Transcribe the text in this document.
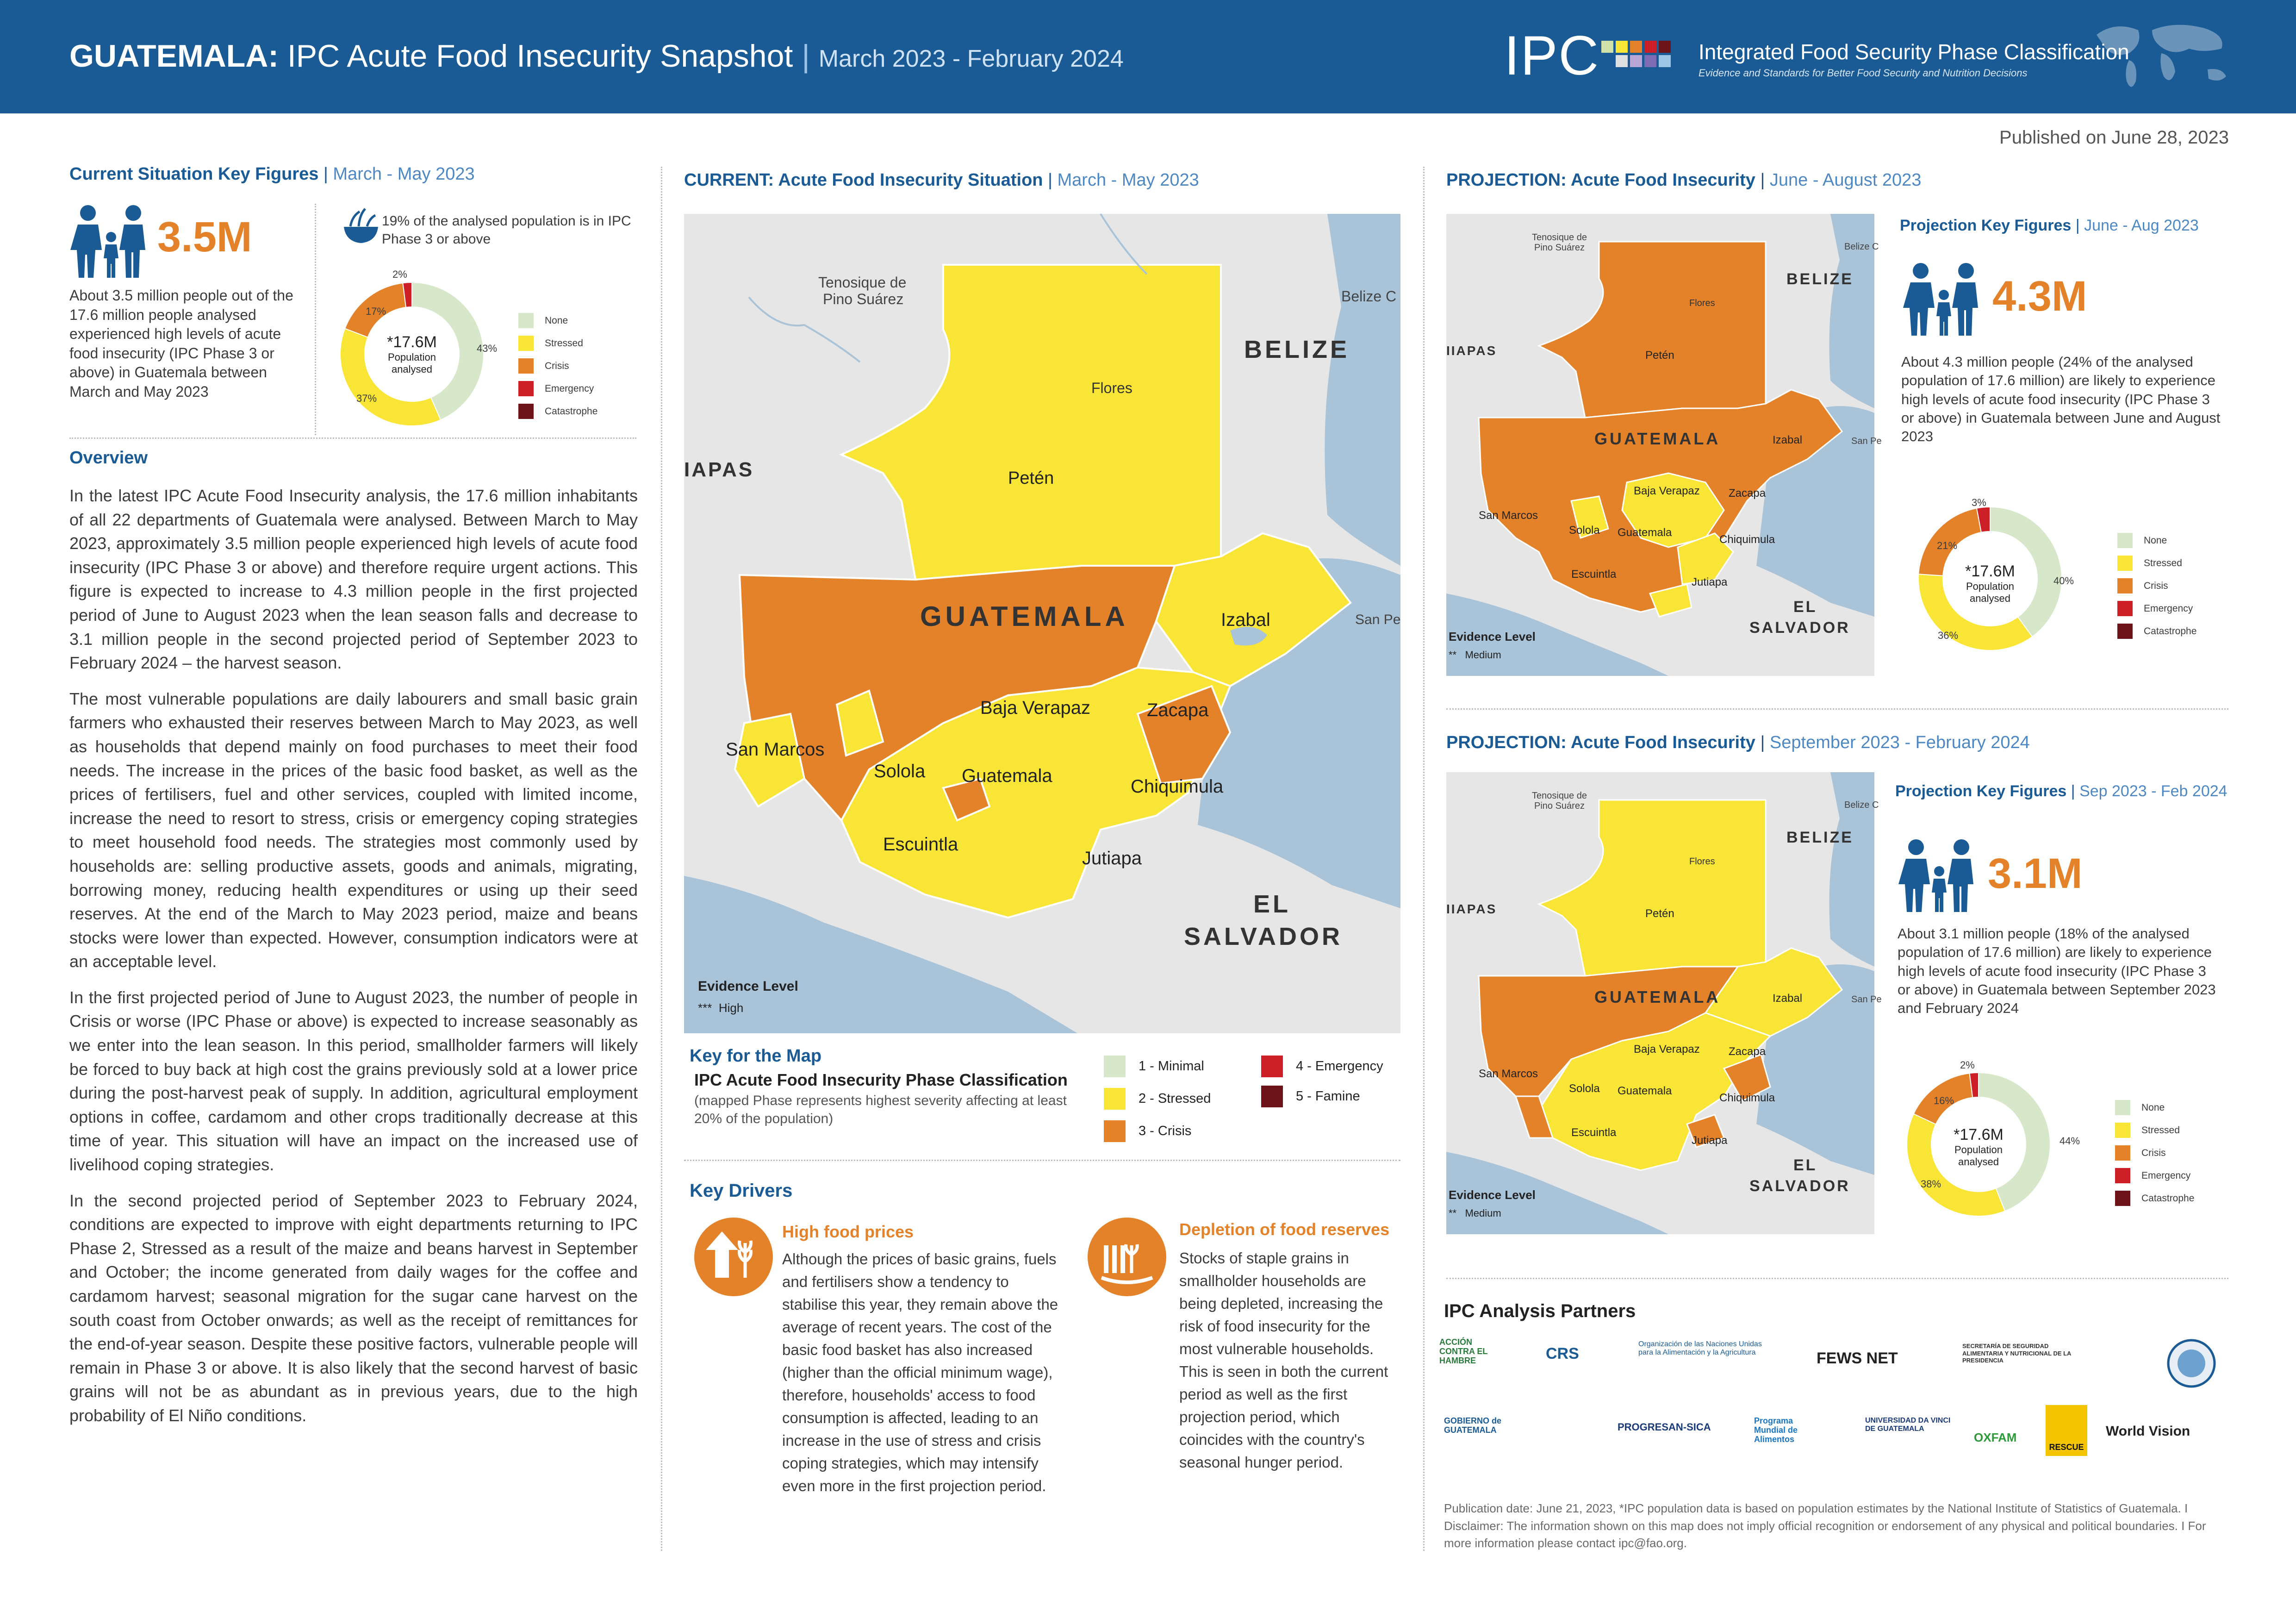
GUATEMALA: IPC Acute Food Insecurity Snapshot | March 2023 - February 2024	IPC	Integrated Food Security Phase Classification
Evidence and Standards for Better Food Security and Nutrition Decisions
Published on June 28, 2023
Current Situation Key Figures | March - May 2023
3.5M
About 3.5 million people out of the 17.6 million people analysed experienced high levels of acute food insecurity (IPC Phase 3 or above) in Guatemala between March and May 2023
19% of the analysed population is in IPC Phase 3 or above
43%
37%
17%
2%
*17.6M
Population
analysed
None
Stressed
Crisis
Emergency
Catastrophe
Overview

In the latest IPC Acute Food Insecurity analysis, the 17.6 million inhabitants of all 22 departments of Guatemala were analysed. Between March to May 2023, approximately 3.5 million people experienced high levels of acute food insecurity (IPC Phase 3 or above) and therefore require urgent actions. This figure is expected to increase to 4.3 million people in the first projected period of June to August 2023 when the lean season falls and decrease to 3.1 million people in the second projected period of September 2023 to February 2024 – the harvest season.

The most vulnerable populations are daily labourers and small basic grain farmers who exhausted their reserves between March to May 2023, as well as households that depend mainly on food purchases to meet their food needs. The increase in the prices of the basic food basket, as well as the prices of fertilisers, fuel and other services, coupled with limited income, increase the need to resort to stress, crisis or emergency coping strategies to meet household food needs. The strategies most commonly used by households are: selling productive assets, goods and animals, migrating, borrowing money, reducing health expenditures or using up their seed reserves. At the end of the March to May 2023 period, maize and beans stocks were lower than expected. However, consumption indicators were at an acceptable level.

In the first projected period of June to August 2023, the number of people in Crisis or worse (IPC Phase or above) is expected to increase seasonably as we enter into the lean season. In this period, smallholder farmers will likely be forced to buy back at high cost the grains previously sold at a lower price during the post-harvest peak of supply. In addition, agricultural employment options in coffee, cardamom and other crops traditionally decrease at this time of year. This situation will have an impact on the increased use of livelihood coping strategies.

In the second projected period of September 2023 to February 2024, conditions are expected to improve with eight departments returning to IPC Phase 2, Stressed as a result of the maize and beans harvest in September and October; the income generated from daily wages for the coffee and cardamom harvest; seasonal migration for the sugar cane harvest on the south coast from October onwards; as well as the receipt of remittances for the end-of-year season. Despite these positive factors, vulnerable people will remain in Phase 3 or above. It is also likely that the second harvest of basic grains will not be as abundant as in previous years, due to the high probability of El Niño conditions.

CURRENT: Acute Food Insecurity Situation | March - May 2023
Tenosique de
Pino Suárez	Belize C
BELIZE
Flores
IAPAS	Petén
GUATEMALA	Izabal	San Pe
Baja Verapaz	Zacapa
San Marcos
Solola Guatemala
Chiquimula
Escuintla
Jutiapa
EL
SALVADOR
Evidence Level
*** High
Key for the Map
IPC Acute Food Insecurity Phase Classification
(mapped Phase represents highest severity affecting at least 20% of the population)
1 - Minimal
2 - Stressed
3 - Crisis
4 - Emergency
5 - Famine
Key Drivers
High food prices
Although the prices of basic grains, fuels and fertilisers show a tendency to stabilise this year, they remain above the average of recent years. The cost of the basic food basket has also increased (higher than the official minimum wage), therefore, households' access to food consumption is affected, leading to an increase in the use of stress and crisis coping strategies, which may intensify even more in the first projection period.
Depletion of food reserves
Stocks of staple grains in smallholder households are being depleted, increasing the risk of food insecurity for the most vulnerable households. This is seen in both the current period as well as the first projection period, which coincides with the country's seasonal hunger period.
PROJECTION: Acute Food Insecurity | June - August 2023
Tenosique de
Pino Suárez	Belize C
BELIZE
Flores
IIAPAS	Petén
GUATEMALA	Izabal	San Pe
Baja Verapaz	Zacapa
San Marcos
Solola Guatemala
Chiquimula
Escuintla
Jutiapa
EL
SALVADOR
Evidence Level
** Medium
Projection Key Figures | June - Aug 2023
4.3M
About 4.3 million people (24% of the analysed population of 17.6 million) are likely to experience high levels of acute food insecurity (IPC Phase 3 or above) in Guatemala between June and August 2023
40%
36%
21%
3%
*17.6M
Population
analysed
None
Stressed
Crisis
Emergency
Catastrophe
PROJECTION: Acute Food Insecurity | September 2023 - February 2024
Tenosique de
Pino Suárez	Belize C
BELIZE
Flores
IIAPAS	Petén
GUATEMALA	Izabal	San Pe
Baja Verapaz	Zacapa
San Marcos
Solola Guatemala
Chiquimula
Escuintla
Jutiapa
EL
SALVADOR
Evidence Level
** Medium
Projection Key Figures | Sep 2023 - Feb 2024
3.1M
About 3.1 million people (18% of the analysed population of 17.6 million) are likely to experience high levels of acute food insecurity (IPC Phase 3 or above) in Guatemala between September 2023 and February 2024
44%
38%
16%
2%
*17.6M
Population
analysed
None
Stressed
Crisis
Emergency
Catastrophe
IPC Analysis Partners
ACCIÓN CONTRA EL HAMBRE	CRS
Organización de las Naciones Unidas para la Alimentación y la Agricultura	FEWS NET
SECRETARÍA DE SEGURIDAD ALIMENTARIA Y NUTRICIONAL DE LA PRESIDENCIA
GOBIERNO de GUATEMALA	PROGRESAN-SICA
Programa Mundial de Alimentos
UNIVERSIDAD DA VINCI DE GUATEMALA
OXFAM
RESCUE
World Vision
Publication date: June 21, 2023, *IPC population data is based on population estimates by the National Institute of Statistics of Guatemala. I Disclaimer: The information shown on this map does not imply official recognition or endorsement of any physical and political boundaries. I For more information please contact ipc@fao.org.
